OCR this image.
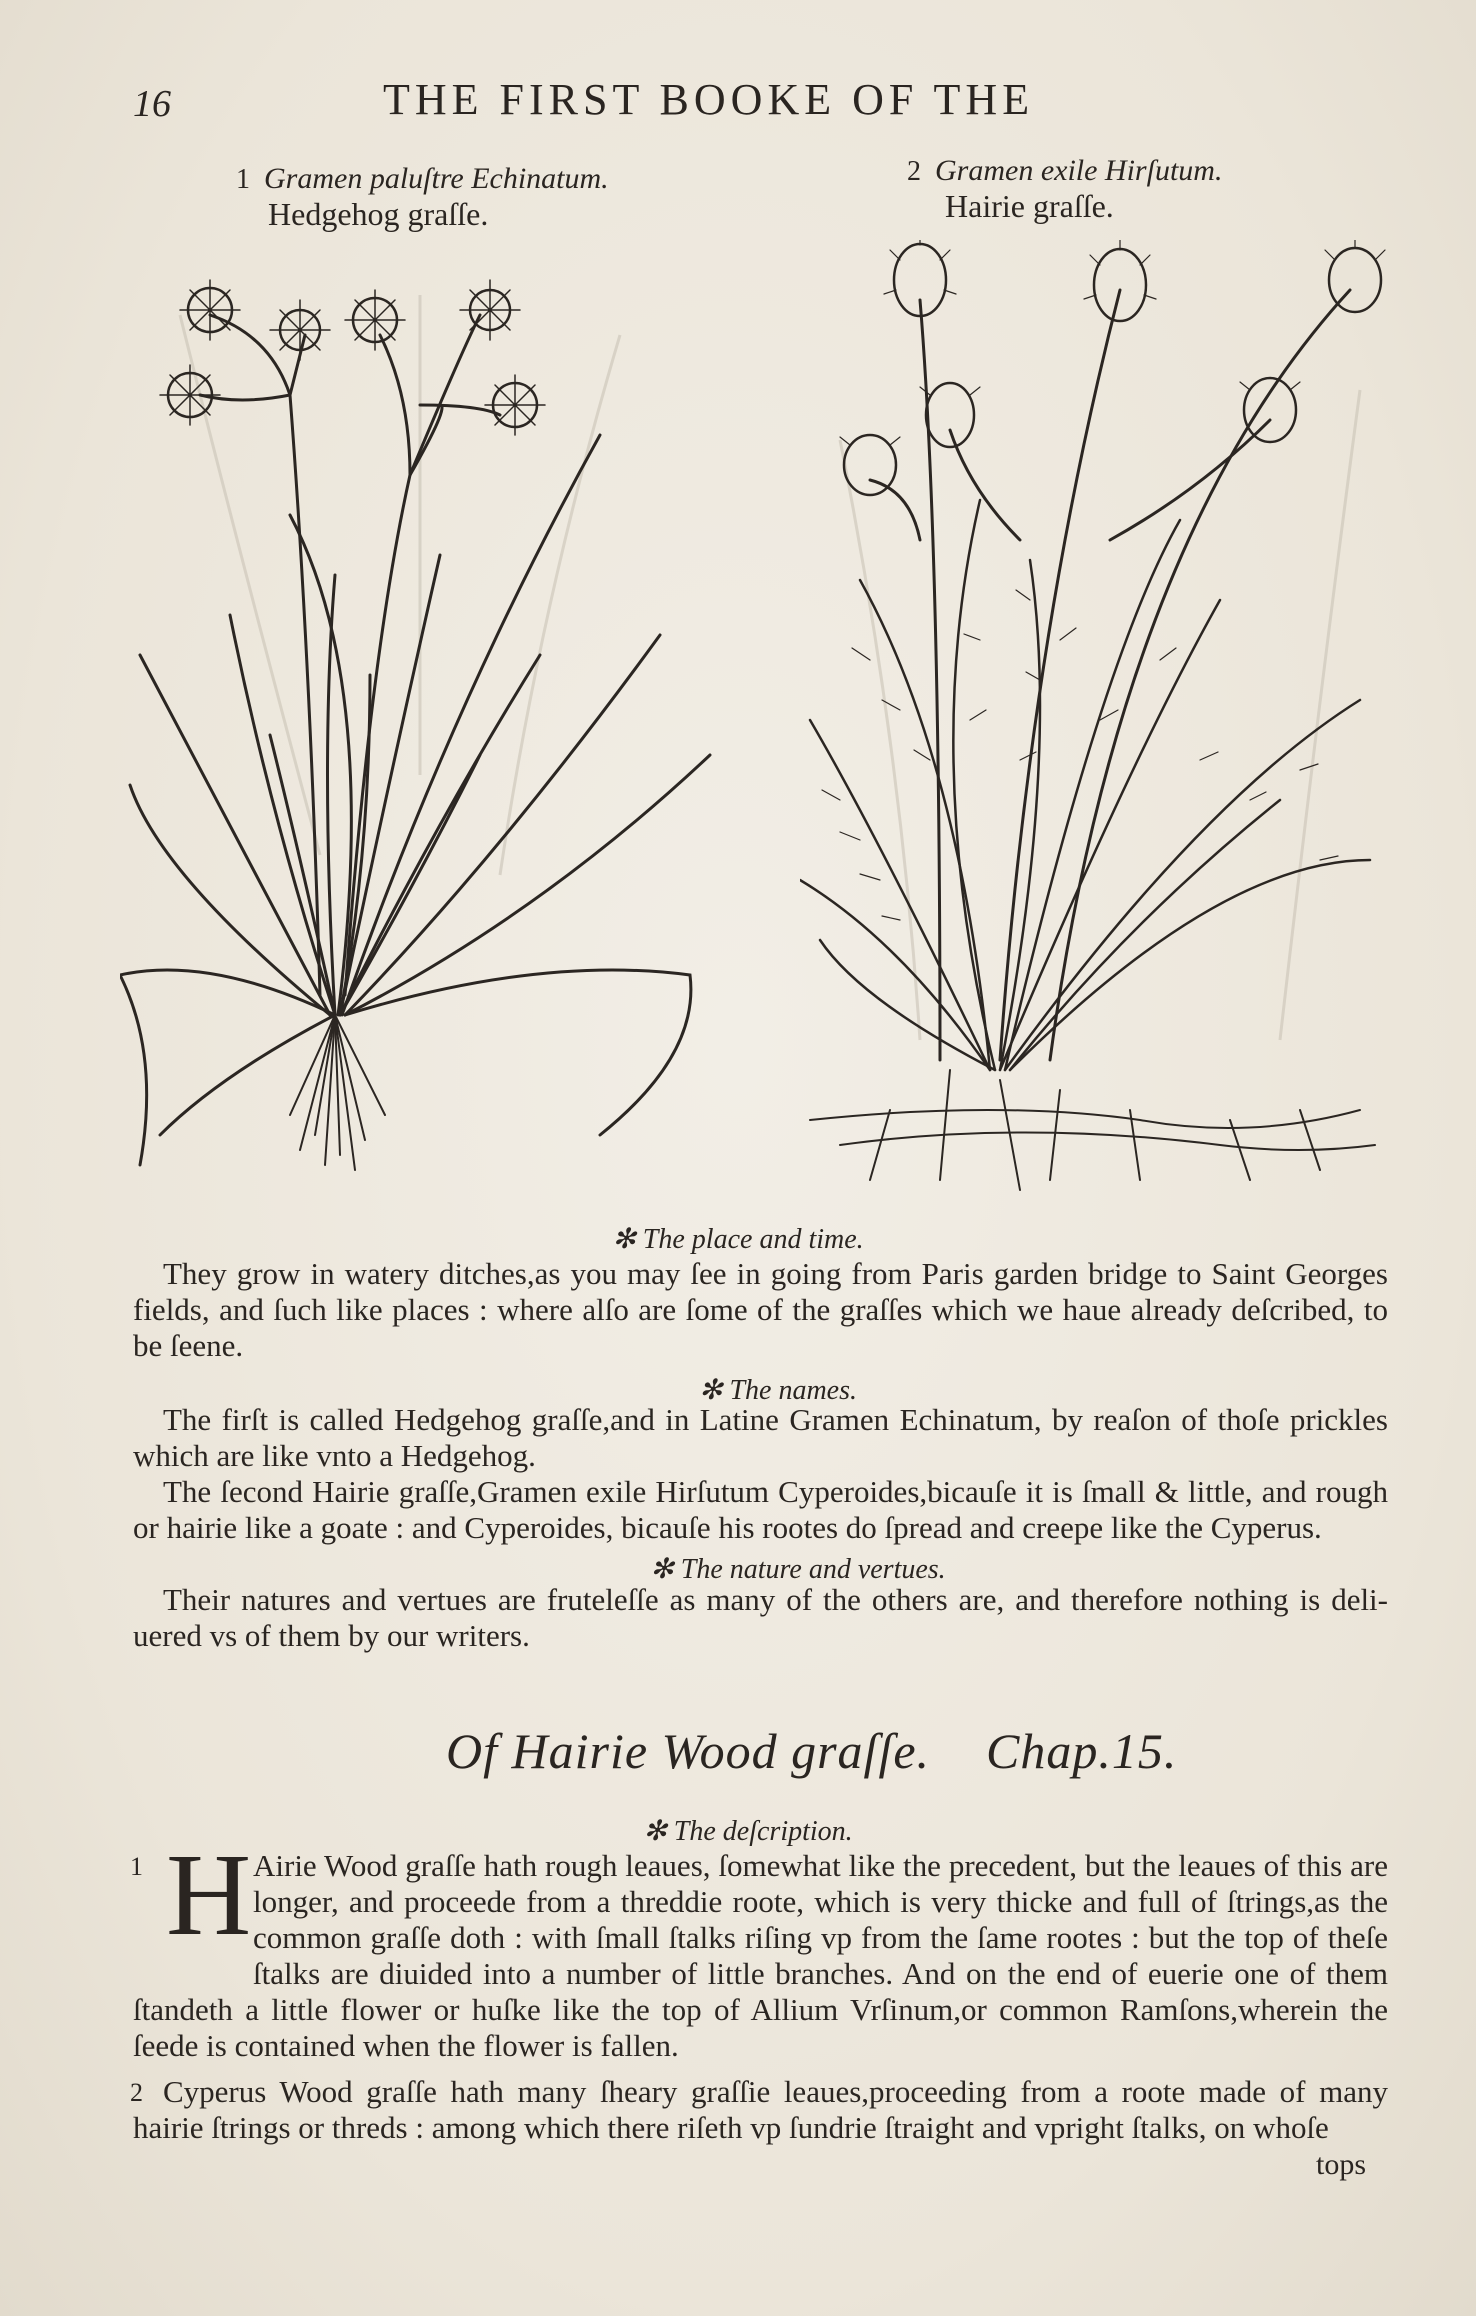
16	THE FIRST BOOKE OF THE
1 Gramen paluſtre Echinatum.
Hedgehog graſſe.
2 Gramen exile Hirſutum.
Hairie graſſe.
✻ The place and time.
They grow in watery ditches,as you may ſee in going from Paris garden bridge to Saint Georges fields, and ſuch like places : where alſo are ſome of the graſſes which we haue already deſcribed, to be ſeene.
✻ The names.
The firſt is called Hedgehog graſſe,and in Latine Gramen Echinatum, by reaſon of thoſe prickles which are like vnto a Hedgehog.
The ſecond Hairie graſſe,Gramen exile Hirſutum Cyperoides,bicauſe it is ſmall & little, and rough or hairie like a goate : and Cyperoides, bicauſe his rootes do ſpread and creepe like the Cyperus.
✻ The nature and vertues.
Their natures and vertues are fruteleſſe as many of the others are, and therefore nothing is deli-uered vs of them by our writers.
Of Hairie Wood graſſe. Chap.15.
✻ The deſcription.
1 H Airie Wood graſſe hath rough leaues, ſomewhat like the precedent, but the leaues of this are longer, and proceede from a threddie roote, which is very thicke and full of ſtrings,as the common graſſe doth : with ſmall ſtalks riſing vp from the ſame rootes : but the top of theſe ſtalks are diuided into a number of little branches. And on the end of euerie one of them ſtandeth a little flower or huſke like the top of Allium Vrſinum,or common Ramſons,wherein the ſeede is contained when the flower is fallen.
2 Cyperus Wood graſſe hath many ſheary graſſie leaues,proceeding from a roote made of many hairie ſtrings or threds : among which there riſeth vp ſundrie ſtraight and vpright ſtalks, on whoſe
tops
